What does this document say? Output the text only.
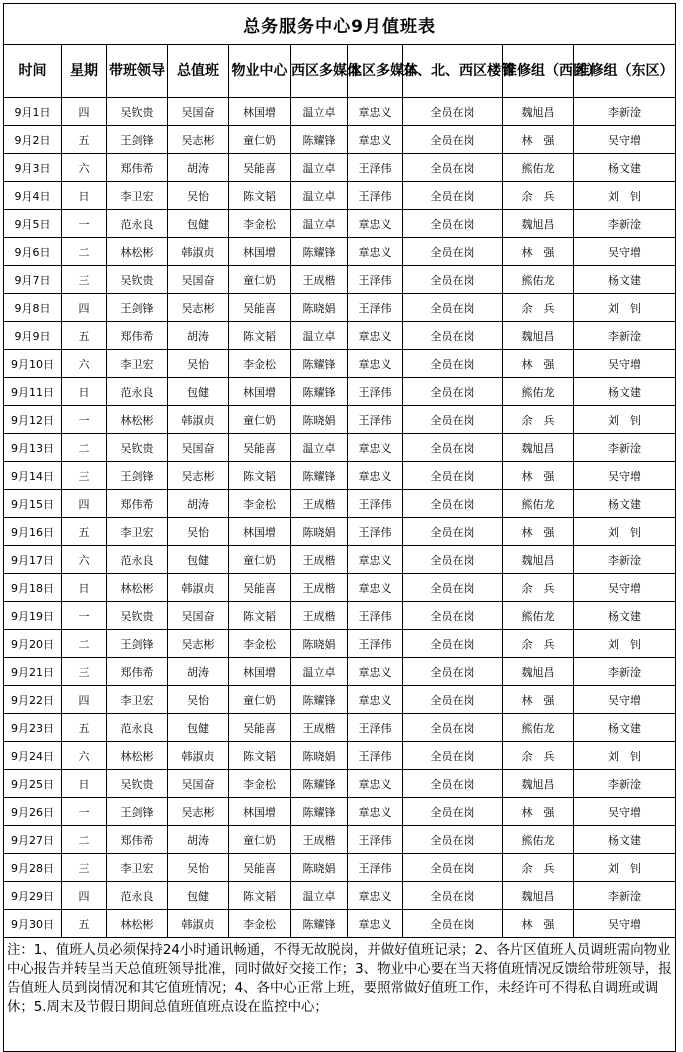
总务服务中心9月值班表									
时间	星期	带班领导	总值班	物业中心	西区多媒体	北区多媒体	东、北、西区楼管	维修组（西区）	维修组（东区）
9月1日	四	吴钦贵	吴国奋	林国增	温立卓	章忠义	全员在岗	魏旭昌	李新淦
9月2日	五	王剑锋	吴志彬	童仁奶	陈耀锋	章忠义	全员在岗	林　强	吴守增
9月3日	六	郑伟希	胡涛	吴能喜	温立卓	王泽伟	全员在岗	熊佑龙	杨文建
9月4日	日	李卫宏	吴怡	陈文韬	温立卓	王泽伟	全员在岗	余　兵	刘　钊
9月5日	一	范永良	包健	李金松	温立卓	章忠义	全员在岗	魏旭昌	李新淦
9月6日	二	林松彬	韩淑贞	林国增	陈耀锋	章忠义	全员在岗	林　强	吴守增
9月7日	三	吴钦贵	吴国奋	童仁奶	王成楷	王泽伟	全员在岗	熊佑龙	杨文建
9月8日	四	王剑锋	吴志彬	吴能喜	陈晓娟	王泽伟	全员在岗	余　兵	刘　钊
9月9日	五	郑伟希	胡涛	陈文韬	温立卓	章忠义	全员在岗	魏旭昌	李新淦
9月10日	六	李卫宏	吴怡	李金松	陈耀锋	章忠义	全员在岗	林　强	吴守增
9月11日	日	范永良	包健	林国增	陈耀锋	王泽伟	全员在岗	熊佑龙	杨文建
9月12日	一	林松彬	韩淑贞	童仁奶	陈晓娟	王泽伟	全员在岗	余　兵	刘　钊
9月13日	二	吴钦贵	吴国奋	吴能喜	温立卓	章忠义	全员在岗	魏旭昌	李新淦
9月14日	三	王剑锋	吴志彬	陈文韬	陈耀锋	章忠义	全员在岗	林　强	吴守增
9月15日	四	郑伟希	胡涛	李金松	王成楷	王泽伟	全员在岗	熊佑龙	杨文建
9月16日	五	李卫宏	吴怡	林国增	陈晓娟	王泽伟	全员在岗	林　强	刘　钊
9月17日	六	范永良	包健	童仁奶	王成楷	章忠义	全员在岗	魏旭昌	李新淦
9月18日	日	林松彬	韩淑贞	吴能喜	王成楷	章忠义	全员在岗	余　兵	吴守增
9月19日	一	吴钦贵	吴国奋	陈文韬	王成楷	王泽伟	全员在岗	熊佑龙	杨文建
9月20日	二	王剑锋	吴志彬	李金松	陈晓娟	王泽伟	全员在岗	余　兵	刘　钊
9月21日	三	郑伟希	胡涛	林国增	温立卓	章忠义	全员在岗	魏旭昌	李新淦
9月22日	四	李卫宏	吴怡	童仁奶	陈耀锋	章忠义	全员在岗	林　强	吴守增
9月23日	五	范永良	包健	吴能喜	王成楷	王泽伟	全员在岗	熊佑龙	杨文建
9月24日	六	林松彬	韩淑贞	陈文韬	陈晓娟	王泽伟	全员在岗	余　兵	刘　钊
9月25日	日	吴钦贵	吴国奋	李金松	陈耀锋	章忠义	全员在岗	魏旭昌	李新淦
9月26日	一	王剑锋	吴志彬	林国增	陈耀锋	章忠义	全员在岗	林　强	吴守增
9月27日	二	郑伟希	胡涛	童仁奶	王成楷	王泽伟	全员在岗	熊佑龙	杨文建
9月28日	三	李卫宏	吴怡	吴能喜	陈晓娟	王泽伟	全员在岗	余　兵	刘　钊
9月29日	四	范永良	包健	陈文韬	温立卓	章忠义	全员在岗	魏旭昌	李新淦
9月30日	五	林松彬	韩淑贞	李金松	陈耀锋	章忠义	全员在岗	林　强	吴守增
注：1、值班人员必须保持24小时通讯畅通，不得无故脱岗，并做好值班记录；2、各片区值班人员调班需向物业中心报告并转呈当天总值班领导批准，同时做好交接工作；3、物业中心要在当天将值班情况反馈给带班领导，报告值班人员到岗情况和其它值班情况；4、各中心正常上班，要照常做好值班工作，未经许可不得私自调班或调休；5.周末及节假日期间总值班值班点设在监控中心；									
